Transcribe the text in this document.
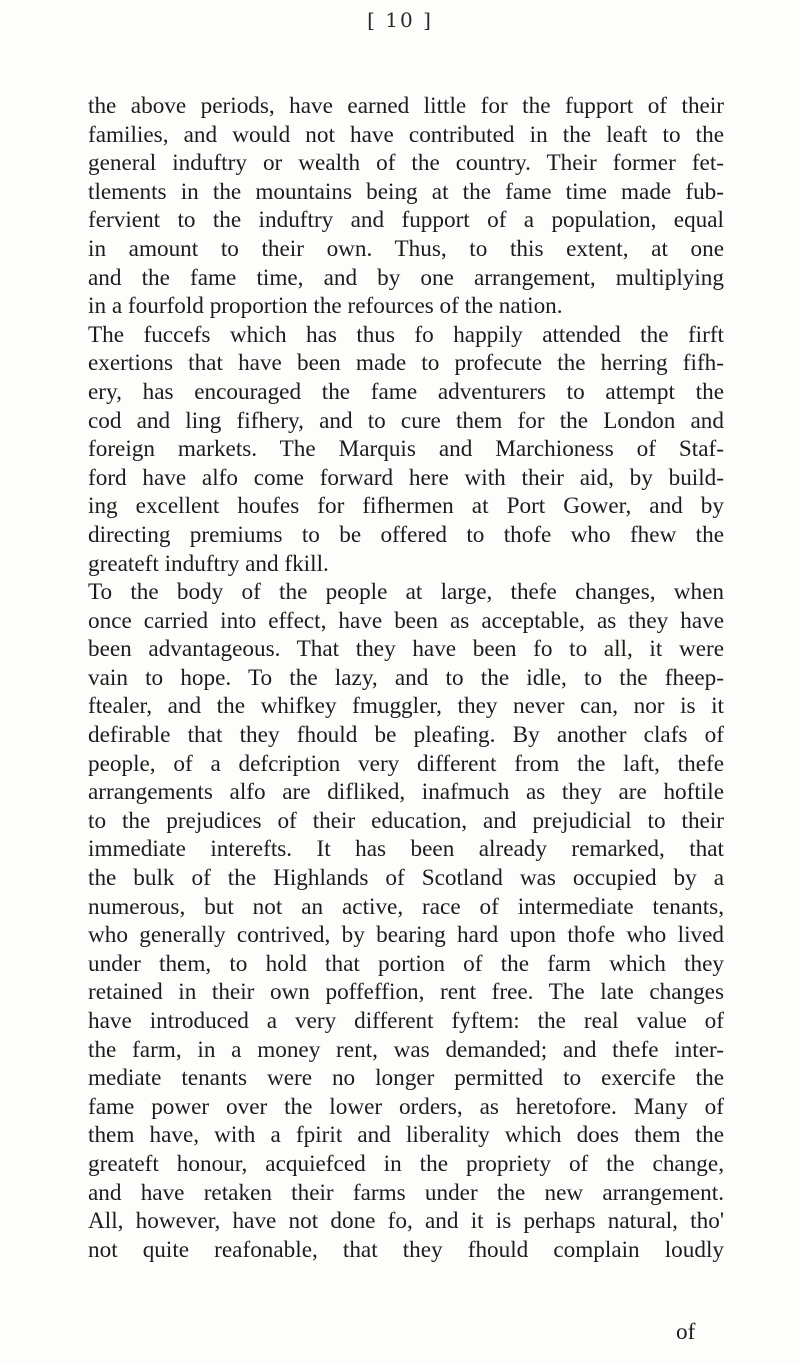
[ 10 ]
the above periods, have earned little for the fupport of their
families, and would not have contributed in the leaft to the
general induftry or wealth of the country. Their former fet-
tlements in the mountains being at the fame time made fub-
fervient to the induftry and fupport of a population, equal
in amount to their own. Thus, to this extent, at one
and the fame time, and by one arrangement, multiplying
in a fourfold proportion the refources of the nation.
The fuccefs which has thus fo happily attended the firft
exertions that have been made to profecute the herring fifh-
ery, has encouraged the fame adventurers to attempt the
cod and ling fifhery, and to cure them for the London and
foreign markets. The Marquis and Marchioness of Staf-
ford have alfo come forward here with their aid, by build-
ing excellent houfes for fifhermen at Port Gower, and by
directing premiums to be offered to thofe who fhew the
greateft induftry and fkill.
To the body of the people at large, thefe changes, when
once carried into effect, have been as acceptable, as they have
been advantageous. That they have been fo to all, it were
vain to hope. To the lazy, and to the idle, to the fheep-
ftealer, and the whifkey fmuggler, they never can, nor is it
defirable that they fhould be pleafing. By another clafs of
people, of a defcription very different from the laft, thefe
arrangements alfo are difliked, inafmuch as they are hoftile
to the prejudices of their education, and prejudicial to their
immediate interefts. It has been already remarked, that
the bulk of the Highlands of Scotland was occupied by a
numerous, but not an active, race of intermediate tenants,
who generally contrived, by bearing hard upon thofe who lived
under them, to hold that portion of the farm which they
retained in their own poffeffion, rent free. The late changes
have introduced a very different fyftem: the real value of
the farm, in a money rent, was demanded; and thefe inter-
mediate tenants were no longer permitted to exercife the
fame power over the lower orders, as heretofore. Many of
them have, with a fpirit and liberality which does them the
greateft honour, acquiefced in the propriety of the change,
and have retaken their farms under the new arrangement.
All, however, have not done fo, and it is perhaps natural, tho'
not quite reafonable, that they fhould complain loudly
of
